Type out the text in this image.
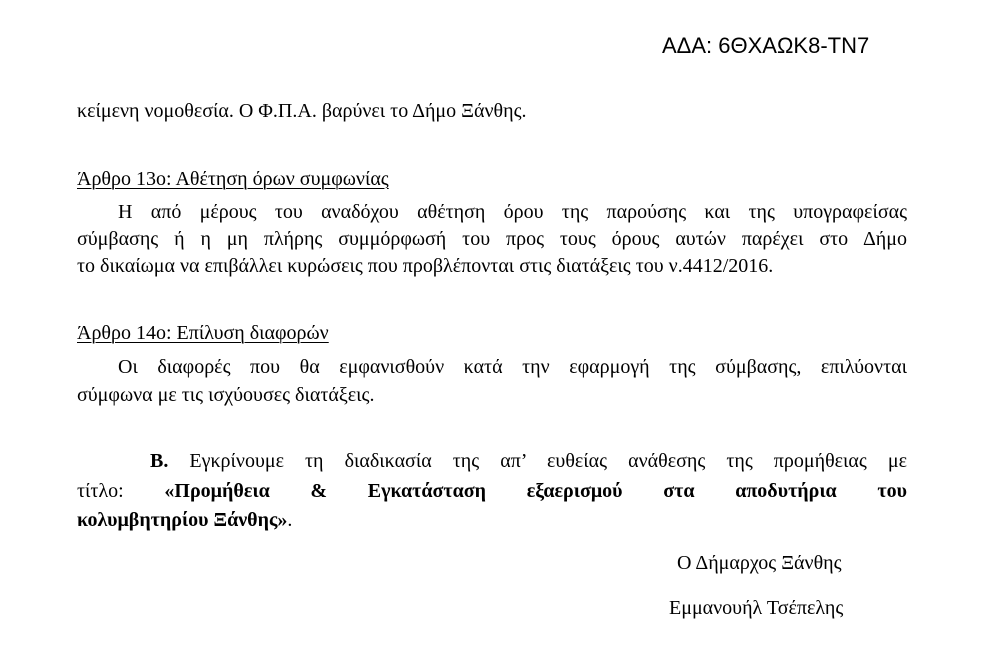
ΑΔΑ: 6ΘΧΑΩΚ8-ΤΝ7
κείμενη νομοθεσία. Ο Φ.Π.Α. βαρύνει το Δήμο Ξάνθης.
Άρθρο 13ο: Αθέτηση όρων συμφωνίας
Η από μέρους του αναδόχου αθέτηση όρου της παρούσης και της υπογραφείσας
σύμβασης ή η μη πλήρης συμμόρφωσή του προς τους όρους αυτών παρέχει στο Δήμο
το δικαίωμα να επιβάλλει κυρώσεις που προβλέπονται στις διατάξεις του ν.4412/2016.
Άρθρο 14ο: Επίλυση διαφορών
Οι διαφορές που θα εμφανισθούν κατά την εφαρμογή της σύμβασης, επιλύονται
σύμφωνα με τις ισχύουσες διατάξεις.
Β. Εγκρίνουμε τη διαδικασία της απ’ ευθείας ανάθεσης της προμήθειας με
τίτλο: «Προμήθεια & Εγκατάσταση εξαερισμού στα αποδυτήρια του
κολυμβητηρίου Ξάνθης».
Ο Δήμαρχος Ξάνθης
Εμμανουήλ Τσέπελης
